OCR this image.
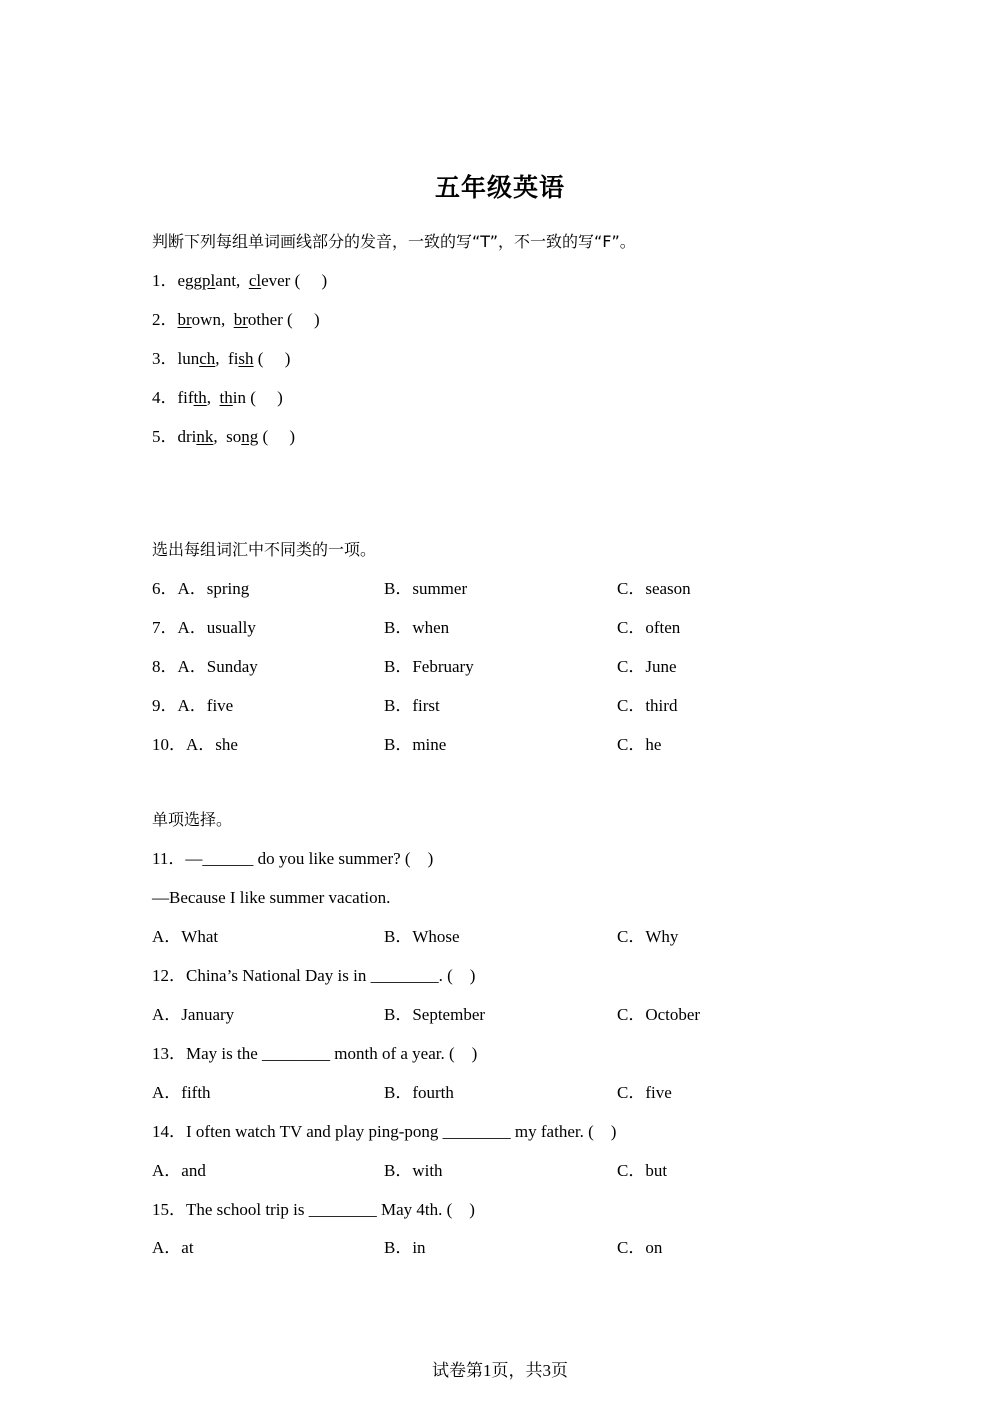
五年级英语
判断下列每组单词画线部分的发音，一致的写“T”，不一致的写“F”。
1．eggplant,  clever (     )
2．brown,  brother (     )
3．lunch,  fish (     )
4．fifth,  thin (     )
5．drink,  song (     )
选出每组词汇中不同类的一项。
6．A．spring	B．summer	C．season
7．A．usually	B．when	C．often
8．A．Sunday	B．February	C．June
9．A．five	B．first	C．third
10．A．she	B．mine	C．he
单项选择。
11．—______ do you like summer? (    )
—Because I like summer vacation.
A．What	B．Whose	C．Why
12．China’s National Day is in ________. (    )
A．January	B．September	C．October
13．May is the ________ month of a year. (    )
A．fifth	B．fourth	C．five
14．I often watch TV and play ping-pong ________ my father. (    )
A．and	B．with	C．but
15．The school trip is ________ May 4th. (    )
A．at	B．in	C．on
试卷第1页，共3页
